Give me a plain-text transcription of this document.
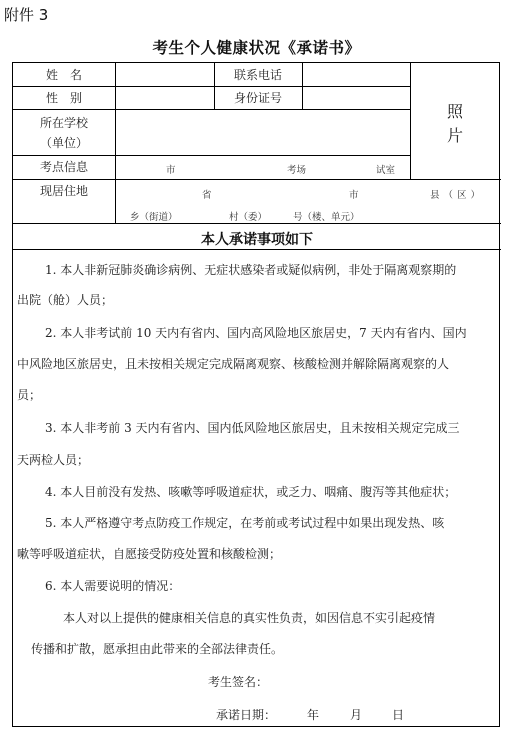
附件 3
考生个人健康状况《承诺书》
姓　名	联系电话
性　别	身份证号
所在学校
（单位）
照
片
考点信息	市	考场	试室
现居住地	省	市	县（区）
乡（街道）	村（委）	号（楼、单元）
本人承诺事项如下
1. 本人非新冠肺炎确诊病例、无症状感染者或疑似病例，非处于隔离观察期的
出院（舱）人员；
2. 本人非考试前 10 天内有省内、国内高风险地区旅居史，7 天内有省内、国内
中风险地区旅居史，且未按相关规定完成隔离观察、核酸检测并解除隔离观察的人
员；
3. 本人非考前 3 天内有省内、国内低风险地区旅居史，且未按相关规定完成三
天两检人员；
4. 本人目前没有发热、咳嗽等呼吸道症状，或乏力、咽痛、腹泻等其他症状；
5. 本人严格遵守考点防疫工作规定，在考前或考试过程中如果出现发热、咳
嗽等呼吸道症状，自愿接受防疫处置和核酸检测；
6. 本人需要说明的情况：
本人对以上提供的健康相关信息的真实性负责，如因信息不实引起疫情
传播和扩散，愿承担由此带来的全部法律责任。
考生签名：
承诺日期：	年	月 日
